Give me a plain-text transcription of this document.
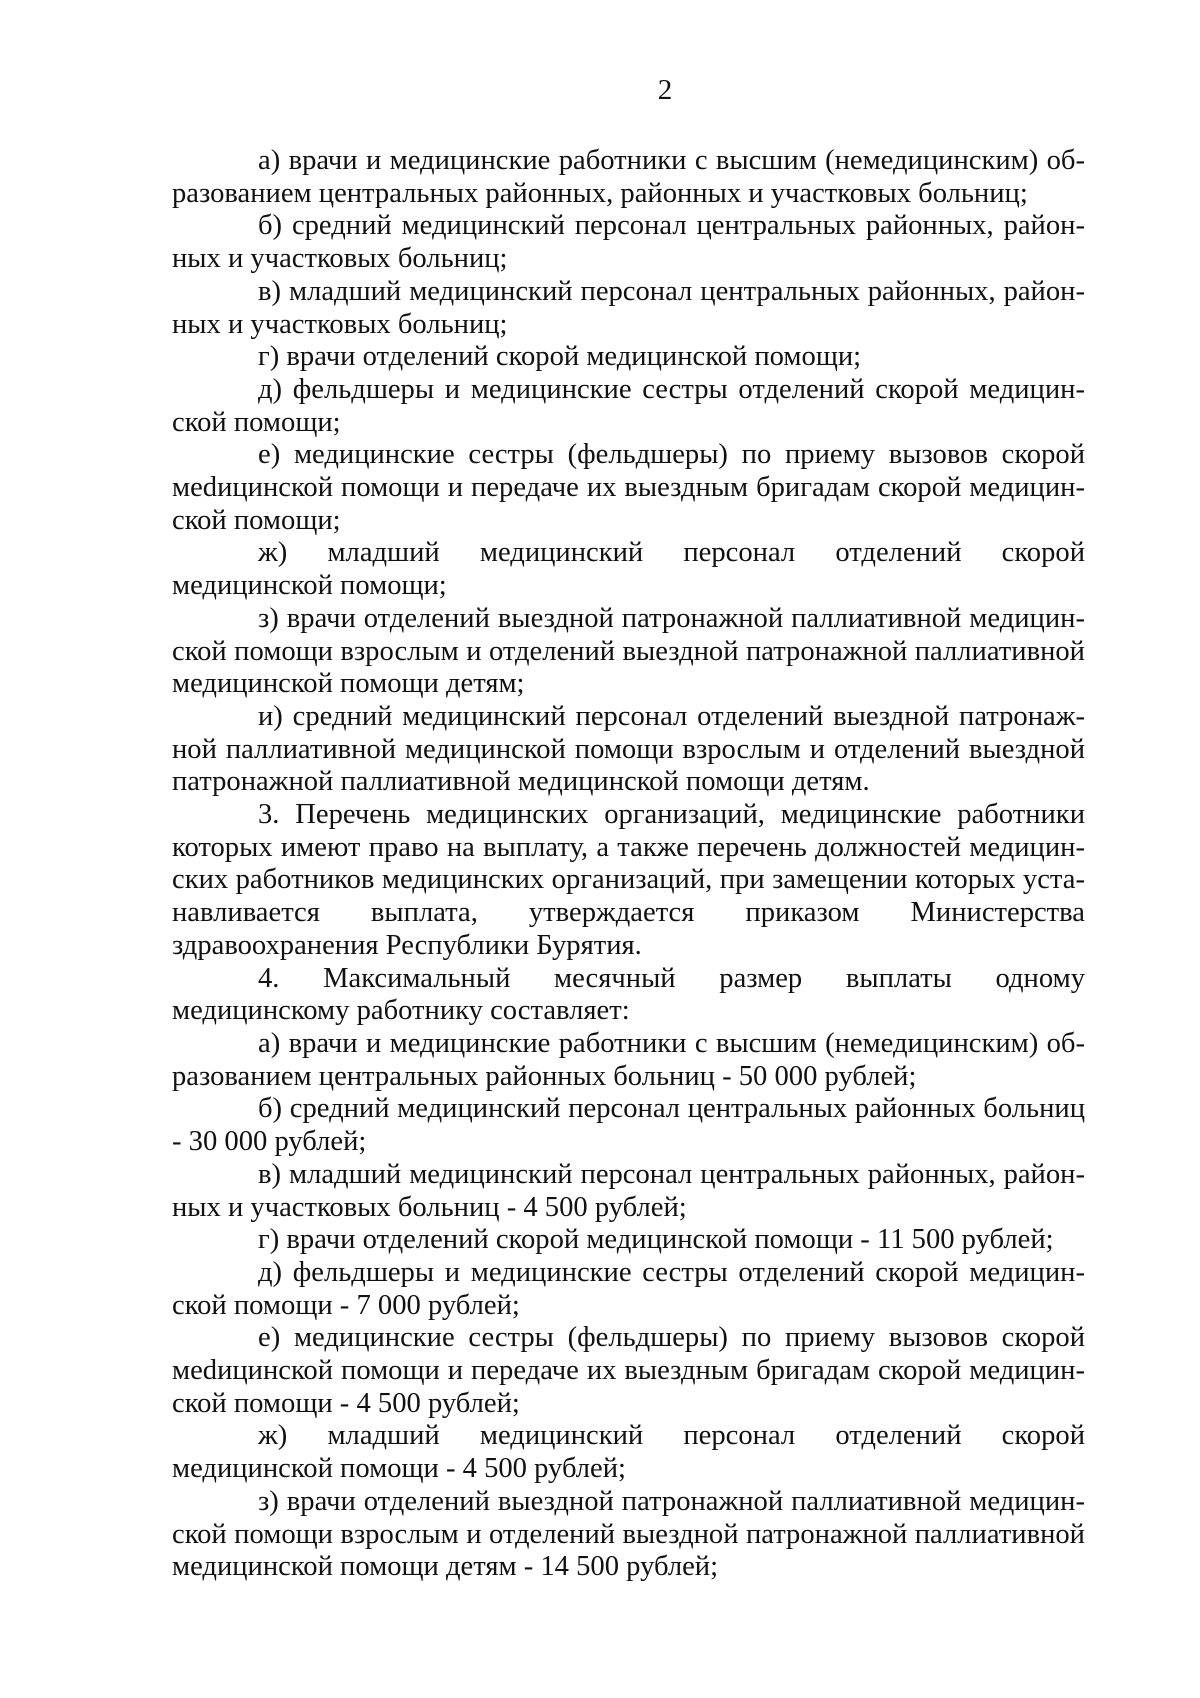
2

а) врачи и медицинские работники с высшим (немедицинским) образованием центральных районных, районных и участковых больниц;

б) средний медицинский персонал центральных районных, районных и участковых больниц;

в) младший медицинский персонал центральных районных, районных и участковых больниц;

г) врачи отделений скорой медицинской помощи;

д) фельдшеры и медицинские сестры отделений скорой медицинской помощи;

е) медицинские сестры (фельдшеры) по приему вызовов скорой меdицинской помощи и передаче их выездным бригадам скорой медицинской помощи;

ж) младший медицинский персонал отделений скорой медицинской помощи;

з) врачи отделений выездной патронажной паллиативной медицинской помощи взрослым и отделений выездной патронажной паллиативной медицинской помощи детям;

и) средний медицинский персонал отделений выездной патронажной паллиативной медицинской помощи взрослым и отделений выездной патронажной паллиативной медицинской помощи детям.

3. Перечень медицинских организаций, медицинские работники которых имеют право на выплату, а также перечень должностей медицинских работников медицинских организаций, при замещении которых устанавливается выплата, утверждается приказом Министерства здравоохранения Республики Бурятия.

4. Максимальный месячный размер выплаты одному медицинскому работнику составляет:

а) врачи и медицинские работники с высшим (немедицинским) образованием центральных районных больниц - 50 000 рублей;

б) средний медицинский персонал центральных районных больниц - 30 000 рублей;

в) младший медицинский персонал центральных районных, районных и участковых больниц - 4 500 рублей;

г) врачи отделений скорой медицинской помощи - 11 500 рублей;

д) фельдшеры и медицинские сестры отделений скорой медицинской помощи - 7 000 рублей;

е) медицинские сестры (фельдшеры) по приему вызовов скорой меdицинской помощи и передаче их выездным бригадам скорой медицинской помощи - 4 500 рублей;

ж) младший медицинский персонал отделений скорой медицинской помощи - 4 500 рублей;

з) врачи отделений выездной патронажной паллиативной медицинской помощи взрослым и отделений выездной патронажной паллиативной медицинской помощи детям - 14 500 рублей;
